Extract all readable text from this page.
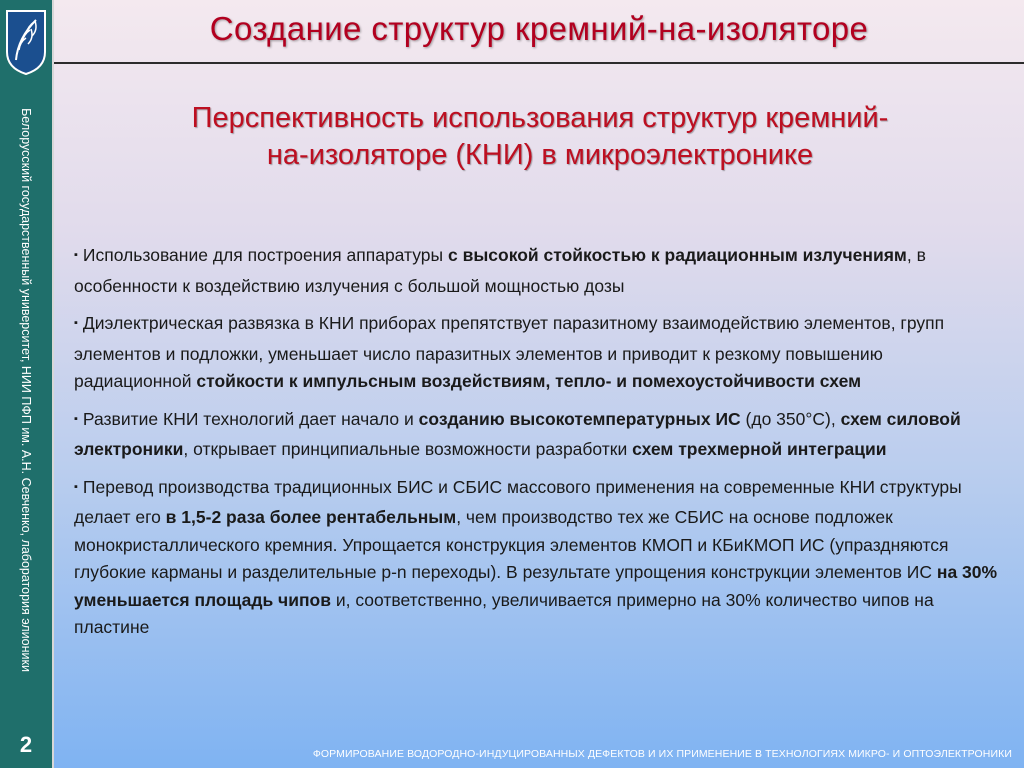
Белорусский государственный университет, НИИ ПФП им. А.Н. Севченко, лаборатория элионики
2
Создание структур кремний-на-изоляторе
Перспективность использования структур кремний-
на-изоляторе (КНИ) в микроэлектронике

▪ Использование для построения аппаратуры с высокой стойкостью к радиационным излучениям, в особенности к воздействию излучения с большой мощностью дозы

▪ Диэлектрическая развязка в КНИ приборах препятствует паразитному взаимодействию элементов, групп элементов и подложки, уменьшает число паразитных элементов и приводит к резкому повышению радиационной стойкости к импульсным воздействиям, тепло- и помехоустойчивости схем

▪ Развитие КНИ технологий дает начало и созданию высокотемпературных ИС (до 350°С), схем силовой электроники, открывает принципиальные возможности разработки схем трехмерной интеграции

▪ Перевод производства традиционных БИС и СБИС массового применения на современные КНИ структуры делает его в 1,5-2 раза более рентабельным, чем производство тех же СБИС на основе подложек монокристаллического кремния. Упрощается конструкция элементов КМОП и КБиКМОП ИС (упраздняются глубокие карманы и разделительные p-n переходы). В результате упрощения конструкции элементов ИС на 30% уменьшается площадь чипов и, соответственно, увеличивается примерно на 30% количество чипов на пластине

ФОРМИРОВАНИЕ ВОДОРОДНО-ИНДУЦИРОВАННЫХ ДЕФЕКТОВ И ИХ ПРИМЕНЕНИЕ В ТЕХНОЛОГИЯХ МИКРО- И ОПТОЭЛЕКТРОНИКИ
